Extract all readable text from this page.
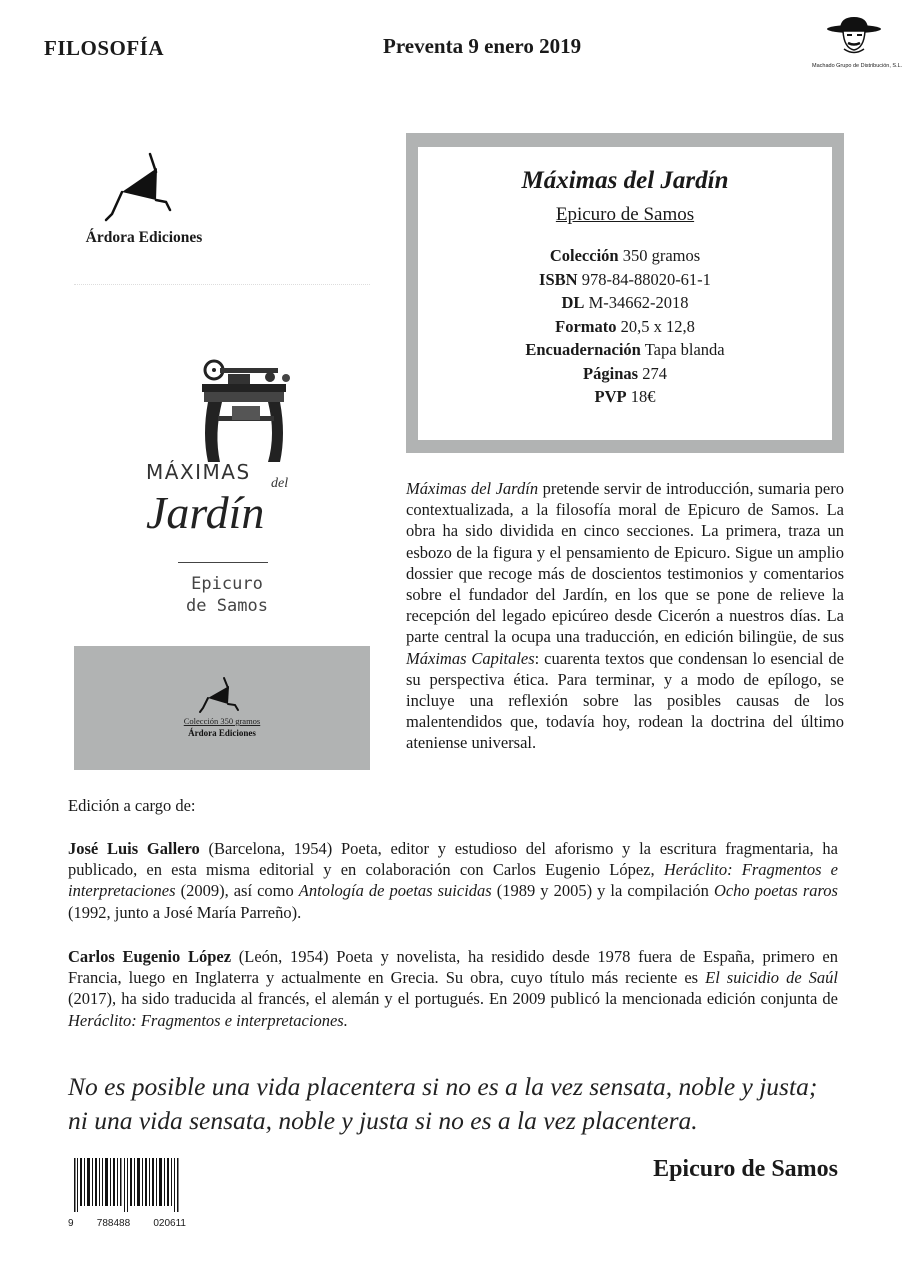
FILOSOFÍA	Preventa 9 enero 2019
Machado Grupo de Distribución, S.L.
Árdora Ediciones
MÁXIMAS del
Jardín
Epicuro
de Samos
Colección 350 gramos
Árdora Ediciones
Máximas del Jardín
Epicuro de Samos
Colección 350 gramos
ISBN 978-84-88020-61-1
DL M-34662-2018
Formato 20,5 x 12,8
Encuadernación Tapa blanda
Páginas 274
PVP 18€
Máximas del Jardín pretende servir de introducción, sumaria pero contextualizada, a la filosofía moral de Epicuro de Samos. La obra ha sido dividida en cinco secciones. La primera, traza un esbozo de la figura y el pensamiento de Epicuro. Sigue un amplio dossier que recoge más de doscientos testimonios y comentarios sobre el fundador del Jardín, en los que se pone de relieve la recepción del legado epicúreo desde Cicerón a nuestros días. La parte central la ocupa una traducción, en edición bilingüe, de sus Máximas Capitales: cuarenta textos que condensan lo esencial de su perspectiva ética. Para terminar, y a modo de epílogo, se incluye una reflexión sobre las posibles causas de los malentendidos que, todavía hoy, rodean la doctrina del último ateniense universal.
Edición a cargo de:
José Luis Gallero (Barcelona, 1954) Poeta, editor y estudioso del aforismo y la escritura fragmentaria, ha publicado, en esta misma editorial y en colaboración con Carlos Eugenio López, Heráclito: Fragmentos e interpretaciones (2009), así como Antología de poetas suicidas (1989 y 2005) y la compilación Ocho poetas raros (1992, junto a José María Parreño).
Carlos Eugenio López (León, 1954) Poeta y novelista, ha residido desde 1978 fuera de España, primero en Francia, luego en Inglaterra y actualmente en Grecia. Su obra, cuyo título más reciente es El suicidio de Saúl (2017), ha sido traducida al francés, el alemán y el portugués. En 2009 publicó la mencionada edición conjunta de Heráclito: Fragmentos e interpretaciones.
No es posible una vida placentera si no es a la vez sensata, noble y justa;
ni una vida sensata, noble y justa si no es a la vez placentera.
9 788488 020611
Epicuro de Samos
